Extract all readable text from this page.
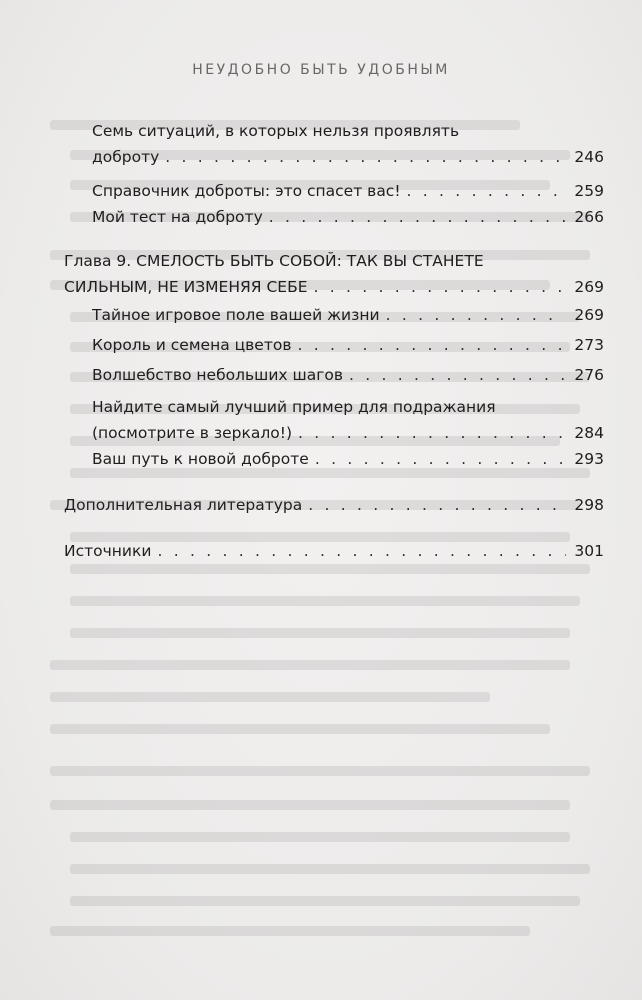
НЕУДОБНО БЫТЬ УДОБНЫМ
Семь ситуаций, в которых нельзя проявлять
доброту . . .	246
Справочник доброты: это спасет вас! . . .	259
Мой тест на доброту . . .	266
Глава 9. СМЕЛОСТЬ БЫТЬ СОБОЙ: ТАК ВЫ СТАНЕТЕ
СИЛЬНЫМ, НЕ ИЗМЕНЯЯ СЕБЕ . . .	269
Тайное игровое поле вашей жизни . . .	269
Король и семена цветов . . .	273
Волшебство небольших шагов . . .	276
Найдите самый лучший пример для подражания
(посмотрите в зеркало!) . . .	284
Ваш путь к новой доброте . . .	293
Дополнительная литература . . .	298
Источники . . .	301
